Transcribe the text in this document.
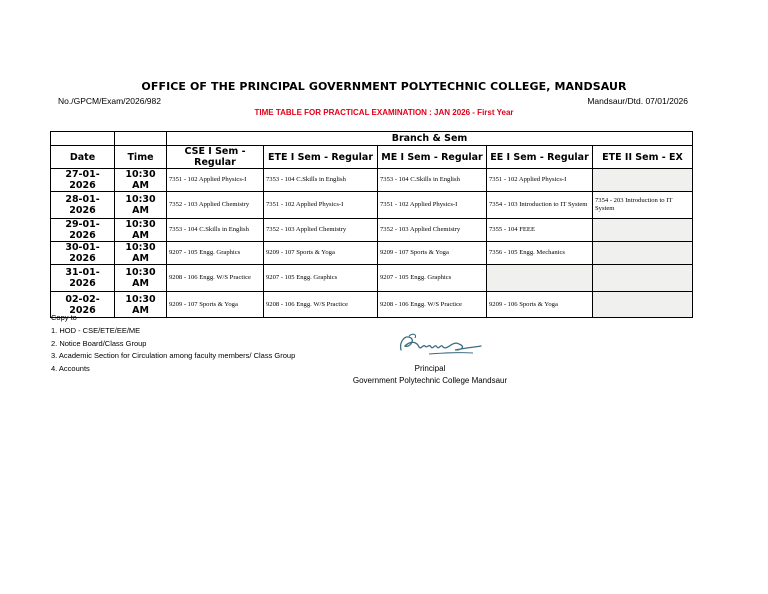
OFFICE OF THE PRINCIPAL GOVERNMENT POLYTECHNIC COLLEGE, MANDSAUR
No./GPCM/Exam/2026/982	Mandsaur/Dtd. 07/01/2026
TIME TABLE FOR PRACTICAL EXAMINATION : JAN 2026 - First Year
		Branch & Sem				
Date	Time	CSE I Sem - Regular	ETE I Sem - Regular	ME I Sem - Regular	EE I Sem - Regular	ETE II Sem - EX
27-01-2026	10:30 AM	7351 - 102 Applied Physics-I	7353 - 104 C.Skills in English	7353 - 104 C.Skills in English	7351 - 102 Applied Physics-I	
28-01-2026	10:30 AM	7352 - 103 Applied Chemistry	7351 - 102 Applied Physics-I	7351 - 102 Applied Physics-I	7354 - 103 Introduction to IT System	7354 - 203 Introduction to IT System
29-01-2026	10:30 AM	7353 - 104 C.Skills in English	7352 - 103 Applied Chemistry	7352 - 103 Applied Chemistry	7355 - 104 FEEE	
30-01-2026	10:30 AM	9207 - 105 Engg. Graphics	9209 - 107 Sports & Yoga	9209 - 107 Sports & Yoga	7356 - 105 Engg. Mechanics	
31-01-2026	10:30 AM	9208 - 106 Engg. W/S Practice	9207 - 105 Engg. Graphics	9207 - 105 Engg. Graphics		
02-02-2026	10:30 AM	9209 - 107 Sports & Yoga	9208 - 106 Engg. W/S Practice	9208 - 106 Engg. W/S Practice	9209 - 106 Sports & Yoga	
Copy to
1. HOD - CSE/ETE/EE/ME
2. Notice Board/Class Group
3. Academic Section for Circulation among faculty members/ Class Group
4. Accounts	Principal
Government Polytechnic College Mandsaur
